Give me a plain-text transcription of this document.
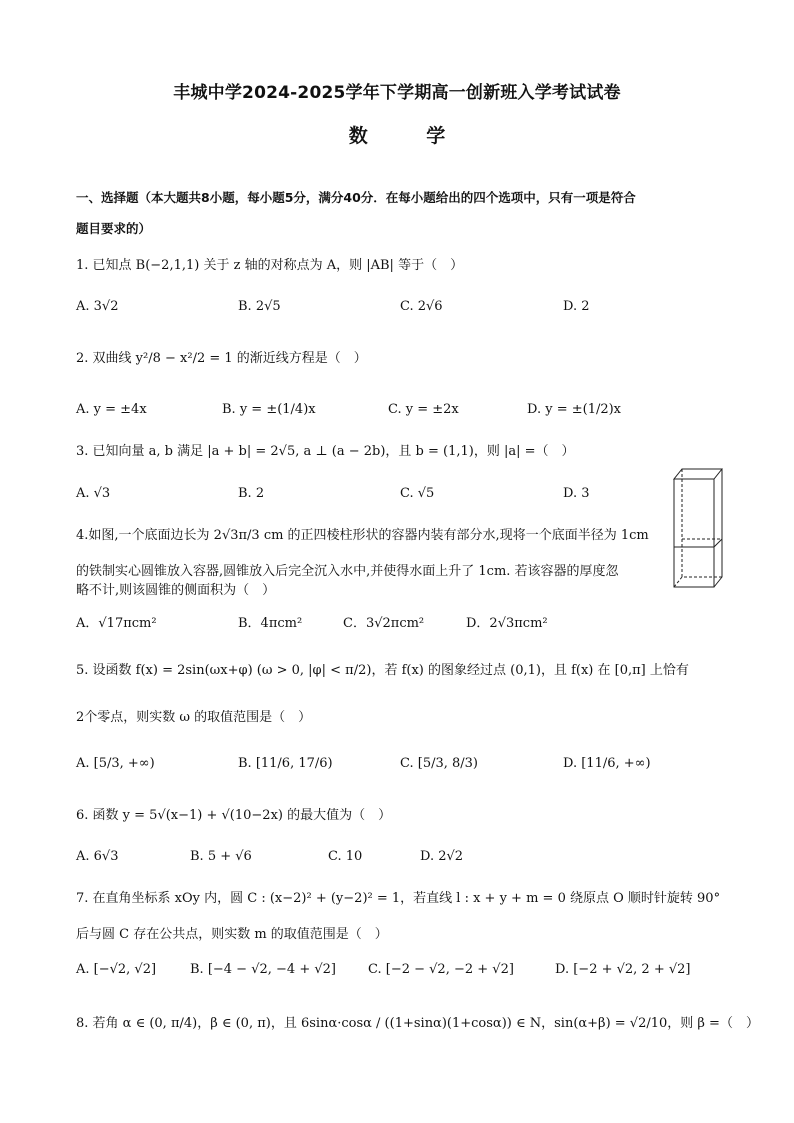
丰城中学2024-2025学年下学期高一创新班入学考试试卷
数 学
一、选择题（本大题共8小题，每小题5分，满分40分．在每小题给出的四个选项中，只有一项是符合
题目要求的）
1. 已知点 B(−2,1,1) 关于 z 轴的对称点为 A，则 |AB| 等于（　）
A. 3√2	B. 2√5	C. 2√6	D. 2
2. 双曲线 y²/8 − x²/2 = 1 的渐近线方程是（　）
A. y = ±4x	B. y = ±(1/4)x	C. y = ±2x	D. y = ±(1/2)x
3. 已知向量 a, b 满足 |a + b| = 2√5, a ⊥ (a − 2b)，且 b = (1,1)，则 |a| =（　）
A. √3	B. 2	C. √5	D. 3
4.如图,一个底面边长为 2√3π/3 cm 的正四棱柱形状的容器内装有部分水,现将一个底面半径为 1cm
的铁制实心圆锥放入容器,圆锥放入后完全沉入水中,并使得水面上升了 1cm. 若该容器的厚度忽
略不计,则该圆锥的侧面积为（　）
A．√17πcm²	B．4πcm²	C．3√2πcm²	D．2√3πcm²
5. 设函数 f(x) = 2sin(ωx+φ) (ω > 0, |φ| < π/2)，若 f(x) 的图象经过点 (0,1)，且 f(x) 在 [0,π] 上恰有
2个零点，则实数 ω 的取值范围是（　）
A. [5/3, +∞)	B. [11/6, 17/6)	C. [5/3, 8/3)	D. [11/6, +∞)
6. 函数 y = 5√(x−1) + √(10−2x) 的最大值为（　）
A. 6√3	B. 5 + √6	C. 10	D. 2√2
7. 在直角坐标系 xOy 内，圆 C : (x−2)² + (y−2)² = 1，若直线 l : x + y + m = 0 绕原点 O 顺时针旋转 90°
后与圆 C 存在公共点，则实数 m 的取值范围是（　）
A. [−√2, √2]	B. [−4 − √2, −4 + √2] C. [−2 − √2, −2 + √2]	D. [−2 + √2, 2 + √2]
8. 若角 α ∈ (0, π/4)，β ∈ (0, π)，且 6sinα·cosα / ((1+sinα)(1+cosα)) ∈ N，sin(α+β) = √2/10，则 β =（　）
